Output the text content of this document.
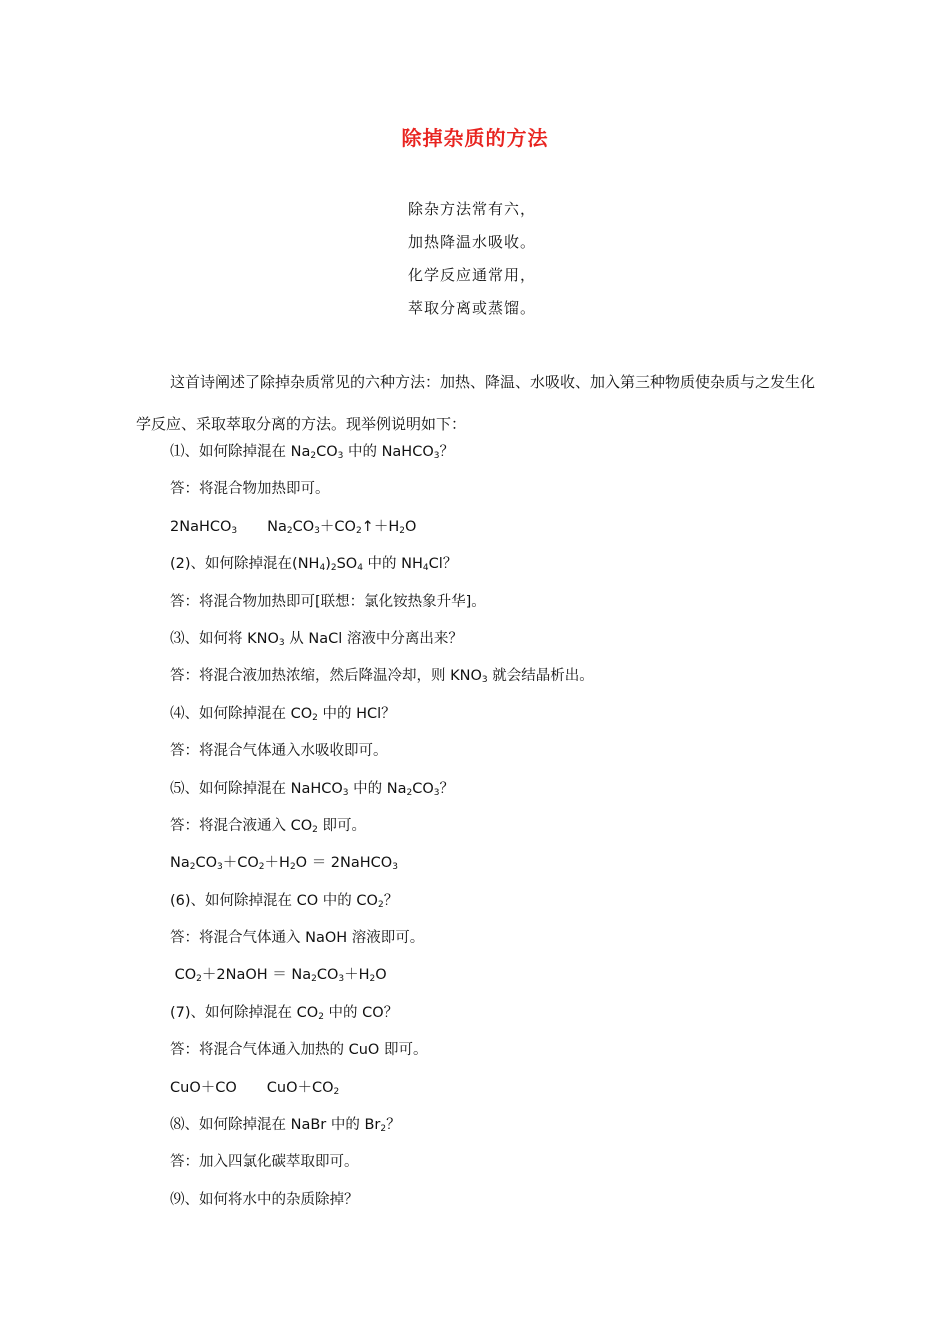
除掉杂质的方法
除杂方法常有六，
加热降温水吸收。
化学反应通常用，
萃取分离或蒸馏。
这首诗阐述了除掉杂质常见的六种方法：加热、降温、水吸收、加入第三种物质使杂质与之发生化学反应、采取萃取分离的方法。现举例说明如下：
⑴、如何除掉混在 $Na_2CO_3$ 中的 NaHCO$_3$？
答：将混合物加热即可。
2NaHCO$_3$ $Na_2CO_3+CO_2↑+H_2O$
(2)、如何除掉混在$(NH_4)_2SO_4$ 中的 $NH_4Cl$？
答：将混合物加热即可[联想：氯化铵热象升华]。
⑶、如何将 $KNO_3$ 从 NaCl 溶液中分离出来？
答：将混合液加热浓缩，然后降温冷却，则 $KNO_3$ 就会结晶析出。
⑷、如何除掉混在 $CO_2$ 中的 HCl？
答：将混合气体通入水吸收即可。
⑸、如何除掉混在 NaHCO$_3$ 中的 $Na_2CO_3$？
答：将混合液通入 $CO_2$ 即可。
$Na_2CO_3+CO_2+H_2O$ ＝ 2NaHCO$_3$
(6)、如何除掉混在 CO 中的 $CO_2$？
答：将混合气体通入 NaOH 溶液即可。
$CO_2+2NaOH = Na_2CO_3+H_2O$
(7)、如何除掉混在 $CO_2$ 中的 CO？
答：将混合气体通入加热的 CuO 即可。
CuO＋CO $CuO+CO_2$
⑻、如何除掉混在 NaBr 中的 $Br_2$？
答：加入四氯化碳萃取即可。
⑼、如何将水中的杂质除掉？
